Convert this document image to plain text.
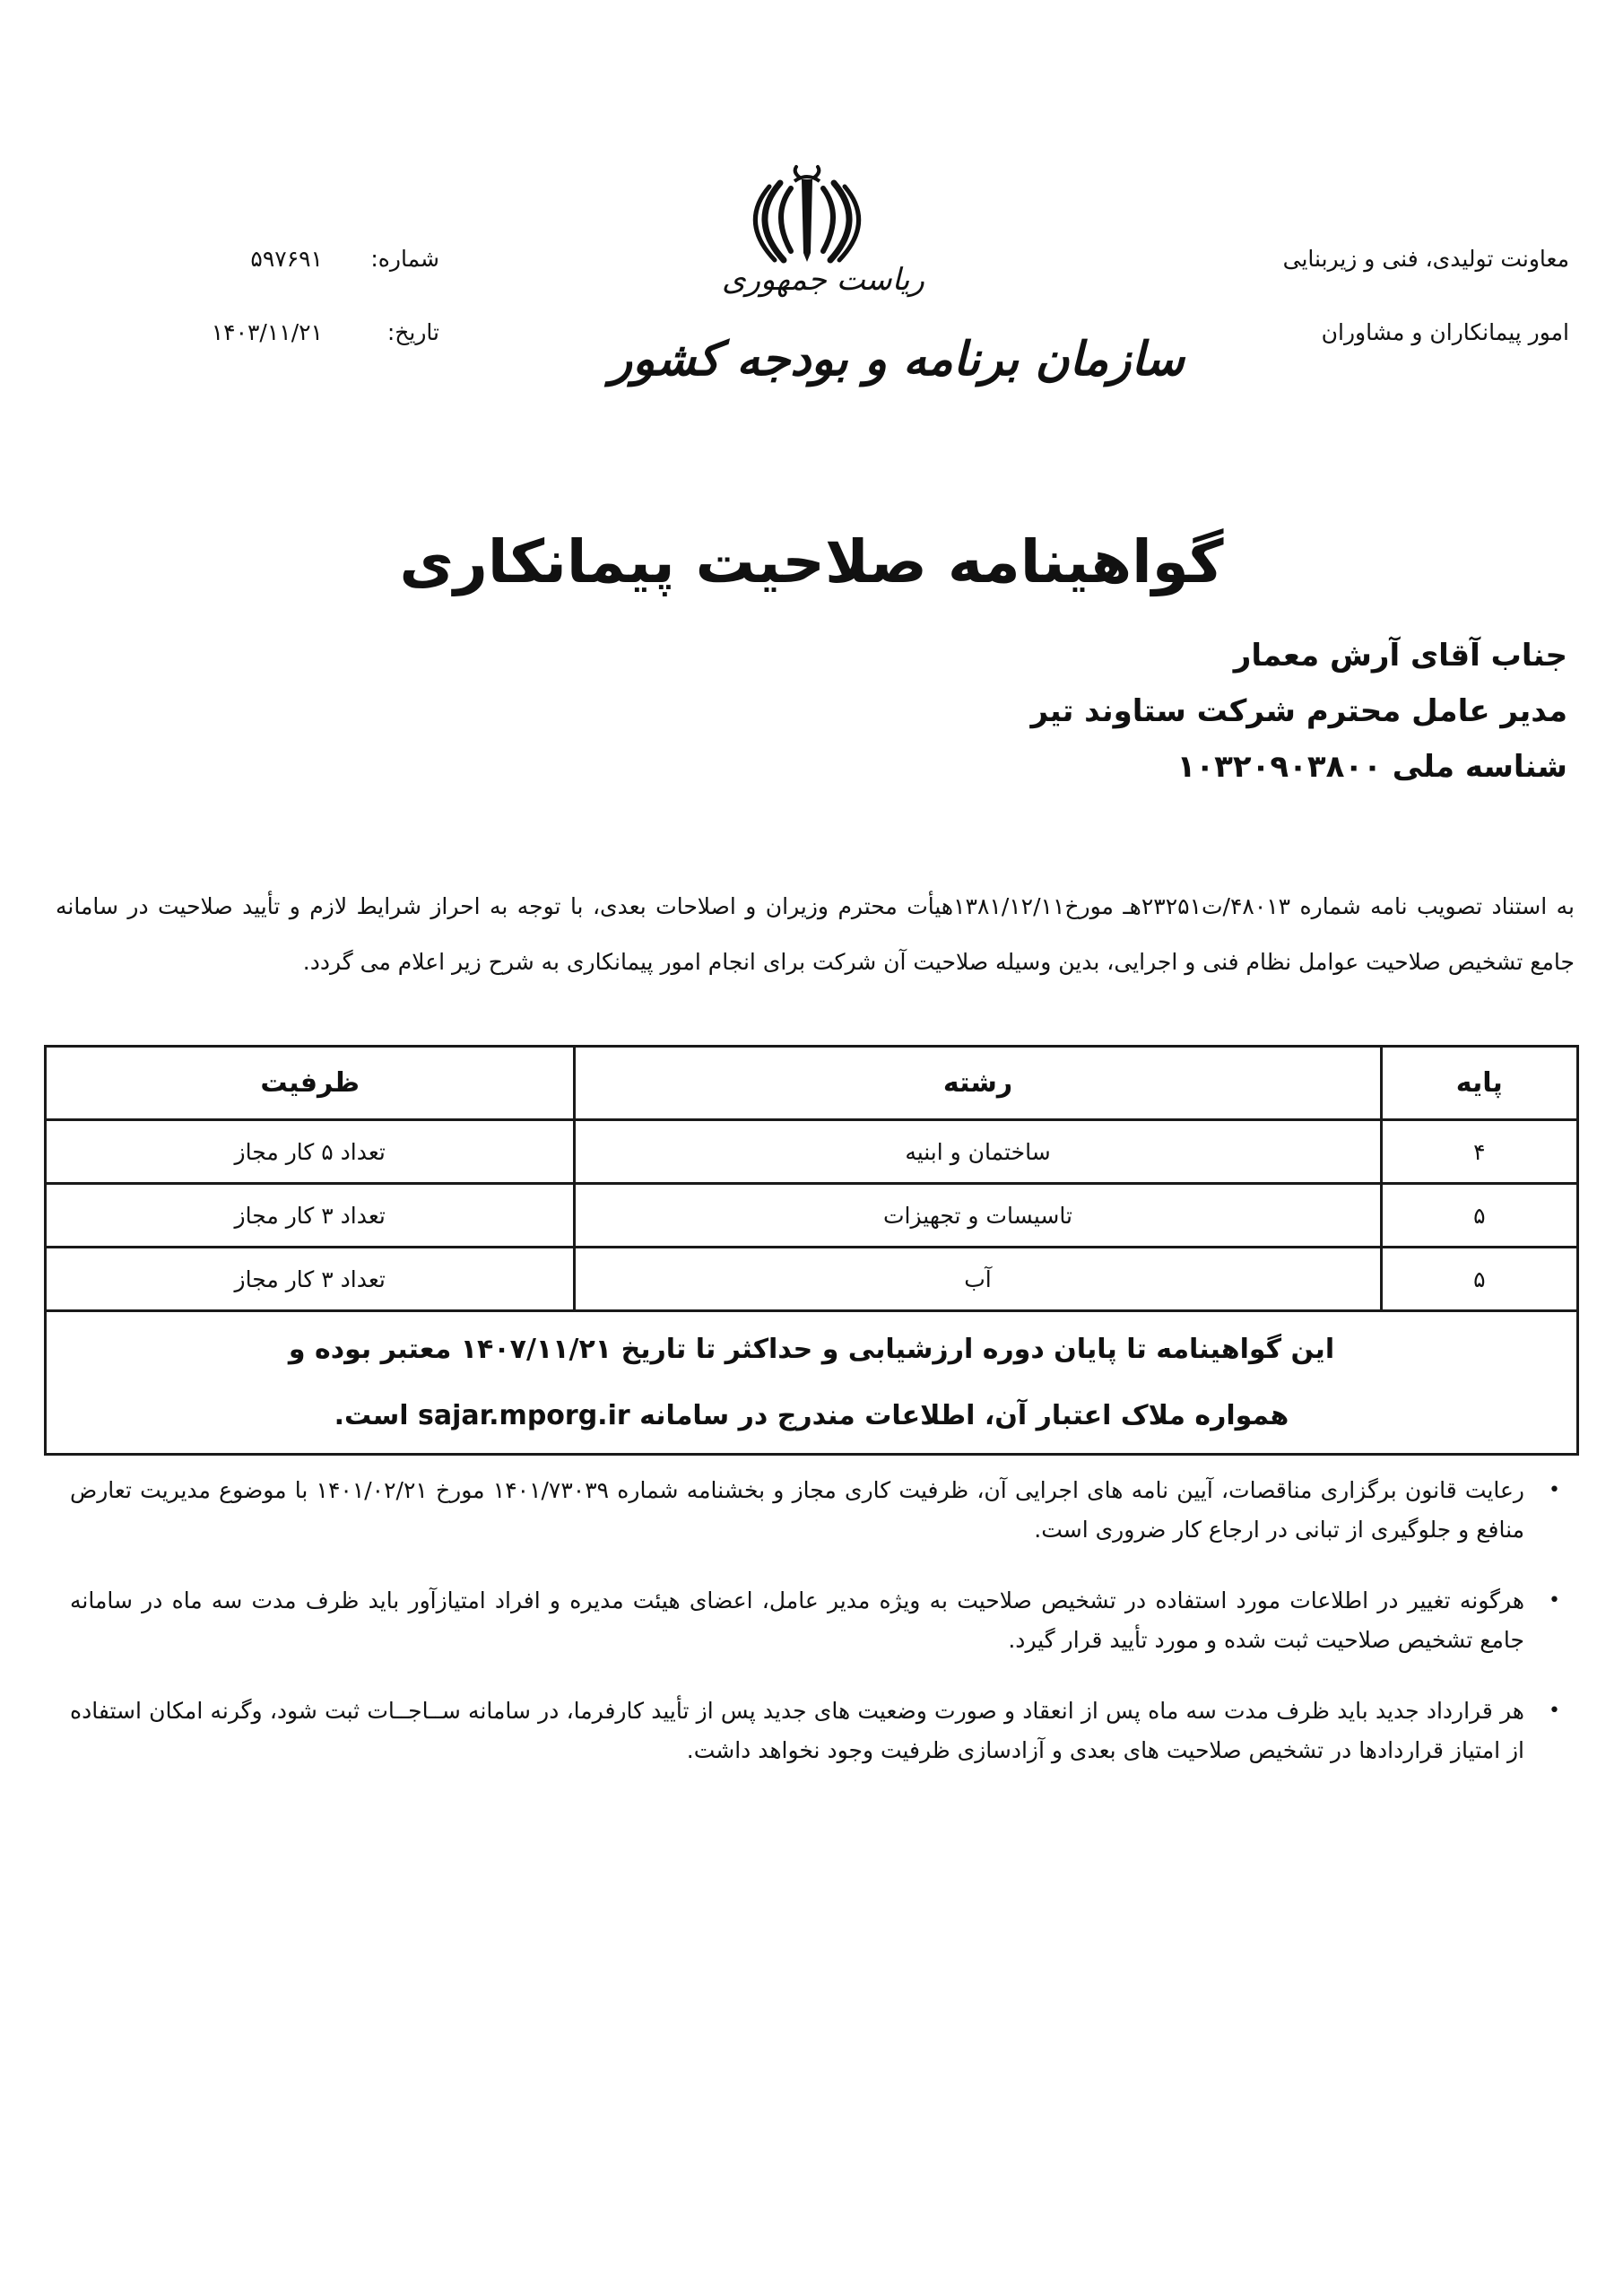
معاونت تولیدی، فنی و زیربنایی
امور پیمانکاران و مشاوران
شماره:
۵۹۷۶۹۱
تاریخ:
۱۴۰۳/۱۱/۲۱
ریاست جمهوری
سازمان برنامه و بودجه کشور
گواهینامه صلاحیت پیمانکاری
جناب آقای آرش معمار
مدیر عامل محترم شرکت ستاوند تیر
شناسه ملی ۱۰۳۲۰۹۰۳۸۰۰
به استناد تصویب نامه شماره ۴۸۰۱۳/ت۲۳۲۵۱هـ مورخ۱۳۸۱/۱۲/۱۱هیأت محترم وزیران و اصلاحات بعدی، با توجه به احراز شرایط لازم و تأیید صلاحیت در سامانه جامع تشخیص صلاحیت عوامل نظام فنی و اجرایی، بدین وسیله صلاحیت آن شرکت برای انجام امور پیمانکاری به شرح زیر اعلام می گردد.
پایه	رشته	ظرفیت
۴	ساختمان و ابنیه	تعداد ۵ کار مجاز
۵	تاسیسات و تجهیزات	تعداد ۳ کار مجاز
۵	آب	تعداد ۳ کار مجاز

این گواهینامه تا پایان دوره ارزشیابی و حداکثر تا تاریخ ۱۴۰۷/۱۱/۲۱ معتبر بوده و
همواره ملاک اعتبار آن، اطلاعات مندرج در سامانه sajar.mporg.ir است.		
•
رعایت قانون برگزاری مناقصات، آیین نامه های اجرایی آن، ظرفیت کاری مجاز و بخشنامه شماره ۱۴۰۱/۷۳۰۳۹ مورخ ۱۴۰۱/۰۲/۲۱ با موضوع مدیریت تعارض منافع و جلوگیری از تبانی در ارجاع کار ضروری است.
•
هرگونه تغییر در اطلاعات مورد استفاده در تشخیص صلاحیت به ویژه مدیر عامل، اعضای هیئت مدیره و افراد امتیازآور باید ظرف مدت سه ماه در سامانه جامع تشخیص صلاحیت ثبت شده و مورد تأیید قرار گیرد.
•
هر قرارداد جدید باید ظرف مدت سه ماه پس از انعقاد و صورت وضعیت های جدید پس از تأیید کارفرما، در سامانه ســاجــات ثبت شود، وگرنه امکان استفاده از امتیاز قراردادها در تشخیص صلاحیت های بعدی و آزادسازی ظرفیت وجود نخواهد داشت.
